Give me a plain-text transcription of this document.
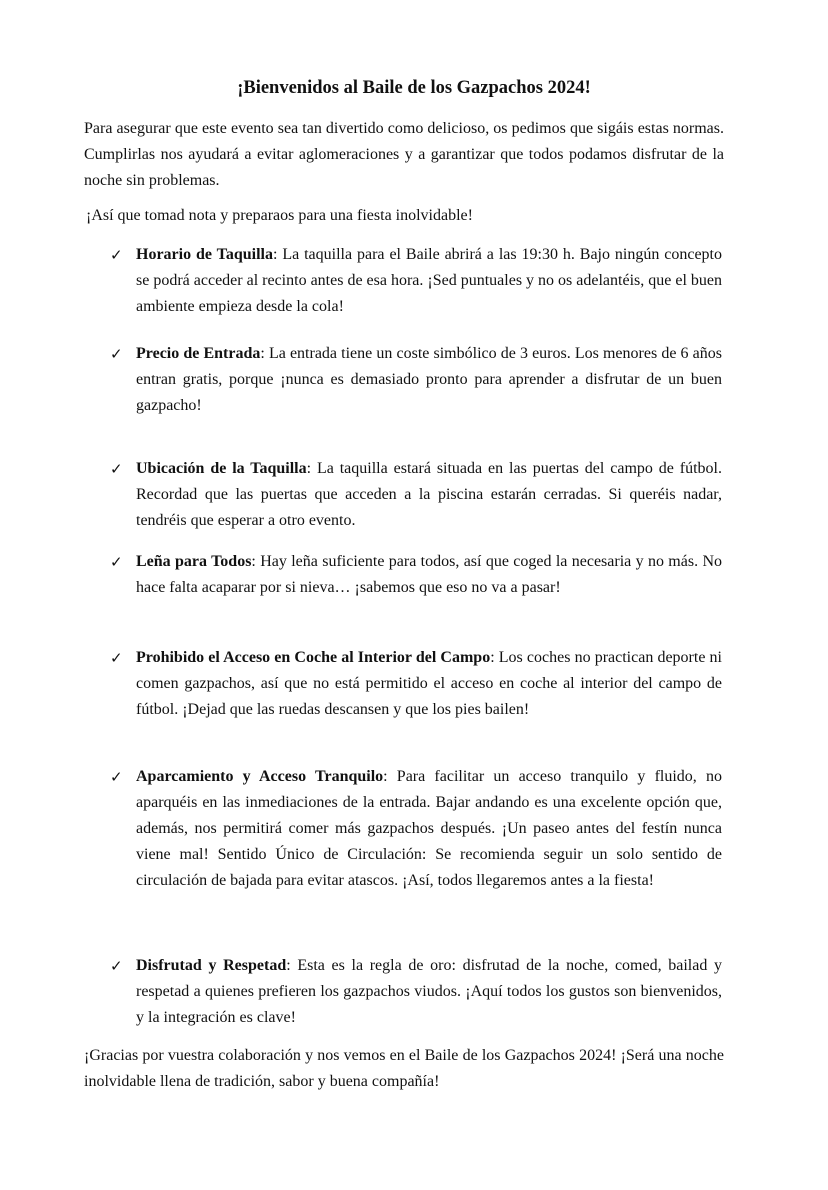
¡Bienvenidos al Baile de los Gazpachos 2024!

Para asegurar que este evento sea tan divertido como delicioso, os pedimos que sigáis estas normas. Cumplirlas nos ayudará a evitar aglomeraciones y a garantizar que todos podamos disfrutar de la noche sin problemas.

¡Así que tomad nota y preparaos para una fiesta inolvidable!

✓ Horario de Taquilla: La taquilla para el Baile abrirá a las 19:30 h. Bajo ningún concepto se podrá acceder al recinto antes de esa hora. ¡Sed puntuales y no os adelantéis, que el buen ambiente empieza desde la cola!

✓ Precio de Entrada: La entrada tiene un coste simbólico de 3 euros. Los menores de 6 años entran gratis, porque ¡nunca es demasiado pronto para aprender a disfrutar de un buen gazpacho!

✓ Ubicación de la Taquilla: La taquilla estará situada en las puertas del campo de fútbol. Recordad que las puertas que acceden a la piscina estarán cerradas. Si queréis nadar, tendréis que esperar a otro evento.

✓ Leña para Todos: Hay leña suficiente para todos, así que coged la necesaria y no más. No hace falta acaparar por si nieva… ¡sabemos que eso no va a pasar!

✓ Prohibido el Acceso en Coche al Interior del Campo: Los coches no practican deporte ni comen gazpachos, así que no está permitido el acceso en coche al interior del campo de fútbol. ¡Dejad que las ruedas descansen y que los pies bailen!

✓ Aparcamiento y Acceso Tranquilo: Para facilitar un acceso tranquilo y fluido, no aparquéis en las inmediaciones de la entrada. Bajar andando es una excelente opción que, además, nos permitirá comer más gazpachos después. ¡Un paseo antes del festín nunca viene mal! Sentido Único de Circulación: Se recomienda seguir un solo sentido de circulación de bajada para evitar atascos. ¡Así, todos llegaremos antes a la fiesta!

✓ Disfrutad y Respetad: Esta es la regla de oro: disfrutad de la noche, comed, bailad y respetad a quienes prefieren los gazpachos viudos. ¡Aquí todos los gustos son bienvenidos, y la integración es clave!

¡Gracias por vuestra colaboración y nos vemos en el Baile de los Gazpachos 2024! ¡Será una noche inolvidable llena de tradición, sabor y buena compañía!
